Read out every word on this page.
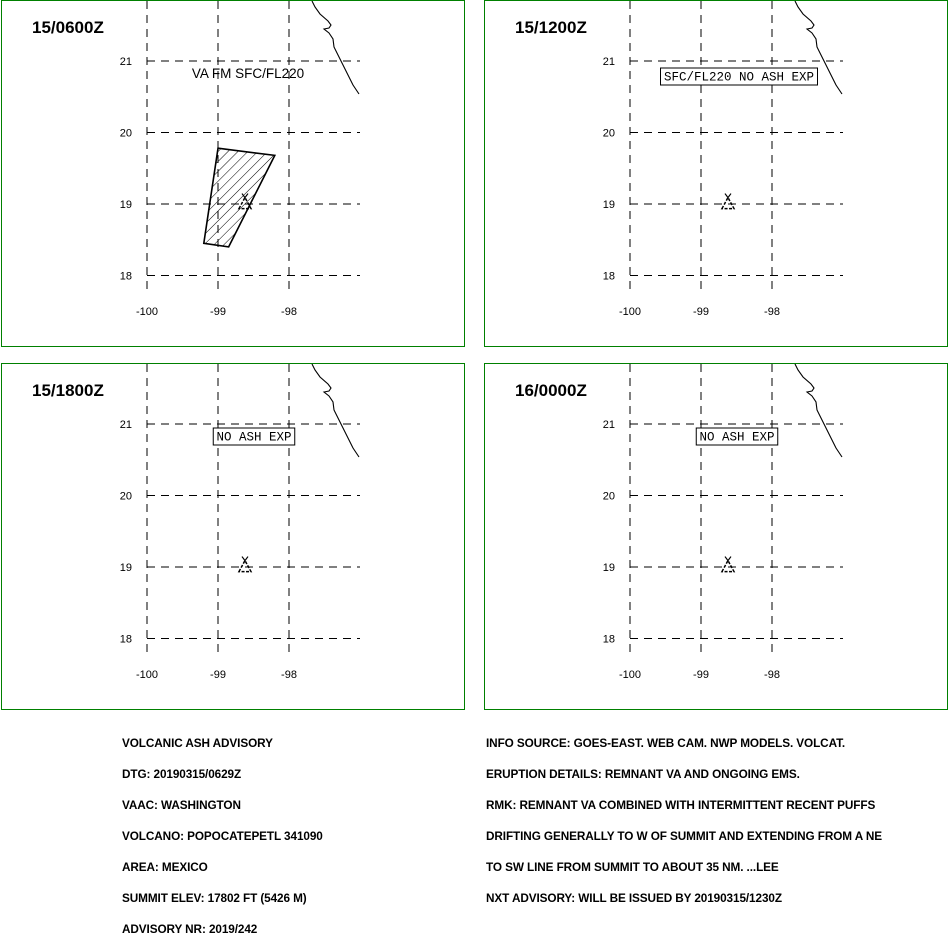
-100	-99	-98
21
20
19
18
VA FM SFC/FL220
15/0600Z
-100	-99	-98
21
20
19
18
SFC/FL220 NO ASH EXP
15/1200Z
-100	-99	-98
21
20
19
18
NO ASH EXP
15/1800Z
-100	-99	-98
21
20
19
18
NO ASH EXP
16/0000Z

VOLCANIC ASH ADVISORY

DTG: 20190315/0629Z

VAAC: WASHINGTON

VOLCANO: POPOCATEPETL 341090

AREA: MEXICO

SUMMIT ELEV: 17802 FT (5426 M)

ADVISORY NR: 2019/242

INFO SOURCE: GOES-EAST. WEB CAM. NWP MODELS. VOLCAT.

ERUPTION DETAILS: REMNANT VA AND ONGOING EMS.

RMK: REMNANT VA COMBINED WITH INTERMITTENT RECENT PUFFS

DRIFTING GENERALLY TO W OF SUMMIT AND EXTENDING FROM A NE

TO SW LINE FROM SUMMIT TO ABOUT 35 NM. ...LEE

NXT ADVISORY: WILL BE ISSUED BY 20190315/1230Z
